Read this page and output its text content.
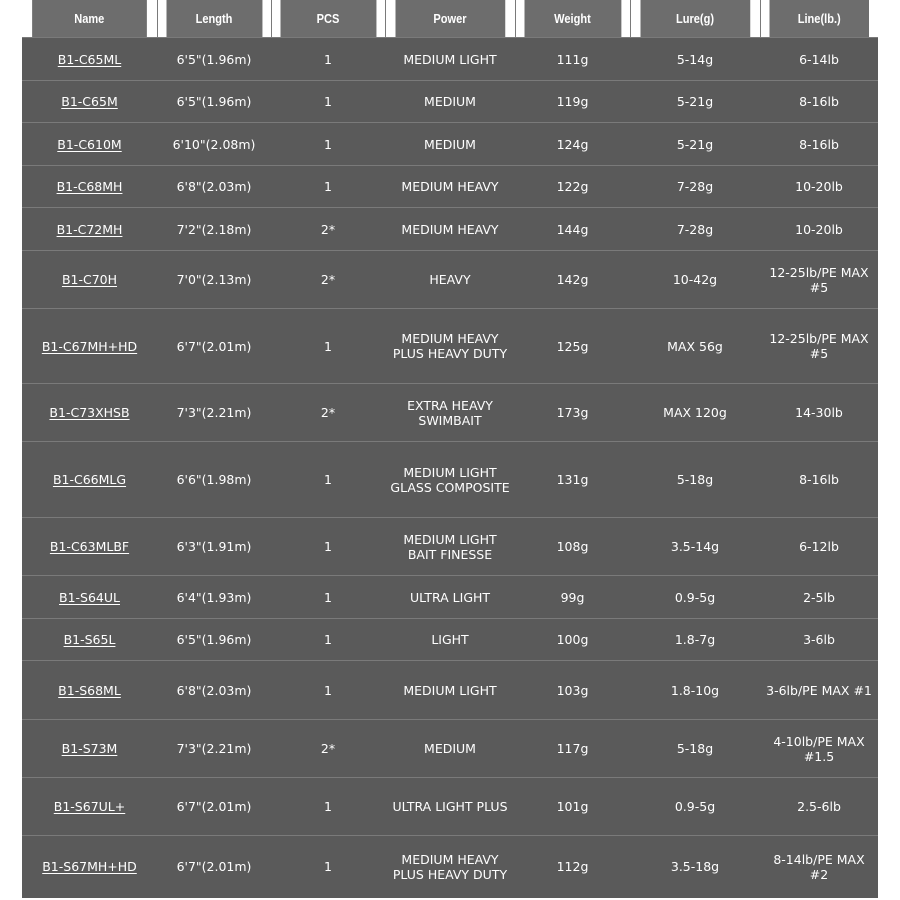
Name	Length	PCS	Power	Weight	Lure(g)	Line(lb.)
B1-C65ML	6'5"(1.96m)	1	MEDIUM LIGHT	111g	5-14g	6-14lb
B1-C65M	6'5"(1.96m)	1	MEDIUM	119g	5-21g	8-16lb
B1-C610M	6'10"(2.08m)	1	MEDIUM	124g	5-21g	8-16lb
B1-C68MH	6'8"(2.03m)	1	MEDIUM HEAVY	122g	7-28g	10-20lb
B1-C72MH	7'2"(2.18m)	2*	MEDIUM HEAVY	144g	7-28g	10-20lb
B1-C70H	7'0"(2.13m)	2*	HEAVY	142g	10-42g	12-25lb/PE MAX #5
B1-C67MH+HD	6'7"(2.01m)	1	MEDIUM HEAVY PLUS HEAVY DUTY	125g	MAX 56g	12-25lb/PE MAX #5
B1-C73XHSB	7'3"(2.21m)	2*	EXTRA HEAVY SWIMBAIT	173g	MAX 120g	14-30lb
B1-C66MLG	6'6"(1.98m)	1	MEDIUM LIGHT GLASS COMPOSITE	131g	5-18g	8-16lb
B1-C63MLBF	6'3"(1.91m)	1	MEDIUM LIGHT BAIT FINESSE	108g	3.5-14g	6-12lb
B1-S64UL	6'4"(1.93m)	1	ULTRA LIGHT	99g	0.9-5g	2-5lb
B1-S65L	6'5"(1.96m)	1	LIGHT	100g	1.8-7g	3-6lb
B1-S68ML	6'8"(2.03m)	1	MEDIUM LIGHT	103g	1.8-10g	3-6lb/PE MAX #1
B1-S73M	7'3"(2.21m)	2*	MEDIUM	117g	5-18g	4-10lb/PE MAX #1.5
B1-S67UL+	6'7"(2.01m)	1	ULTRA LIGHT PLUS	101g	0.9-5g	2.5-6lb
B1-S67MH+HD	6'7"(2.01m)	1	MEDIUM HEAVY PLUS HEAVY DUTY	112g	3.5-18g	8-14lb/PE MAX #2
